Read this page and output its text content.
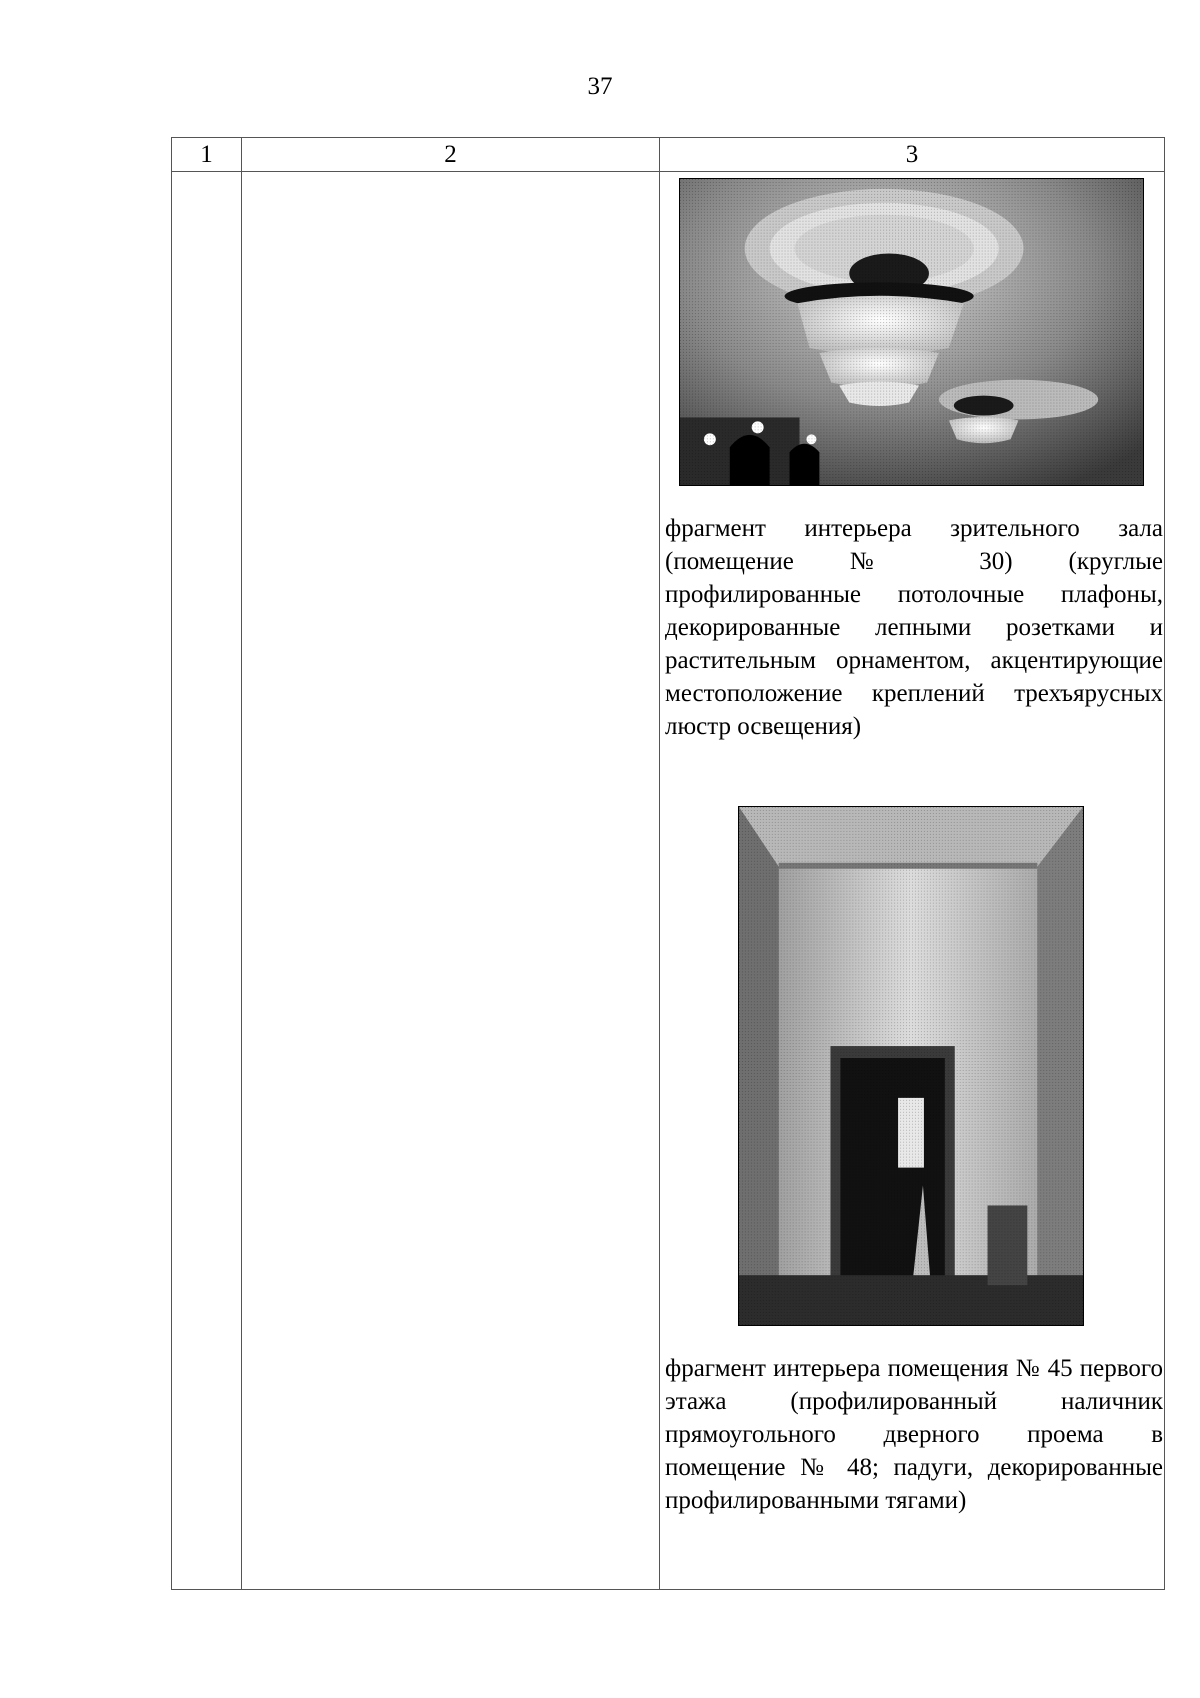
37
1	2	3

		фрагмент интерьера зрительного зала (помещение № 30) (круглые профилированные потолочные плафоны, декорированные лепными розетками и растительным орнаментом, акцентирующие местоположение креплений трехъярусных люстр освещения)

фрагмент интерьера помещения № 45 первого этажа (профилированный наличник прямоугольного дверного проема в помещение № 48; падуги, декорированные профилированными тягами)
